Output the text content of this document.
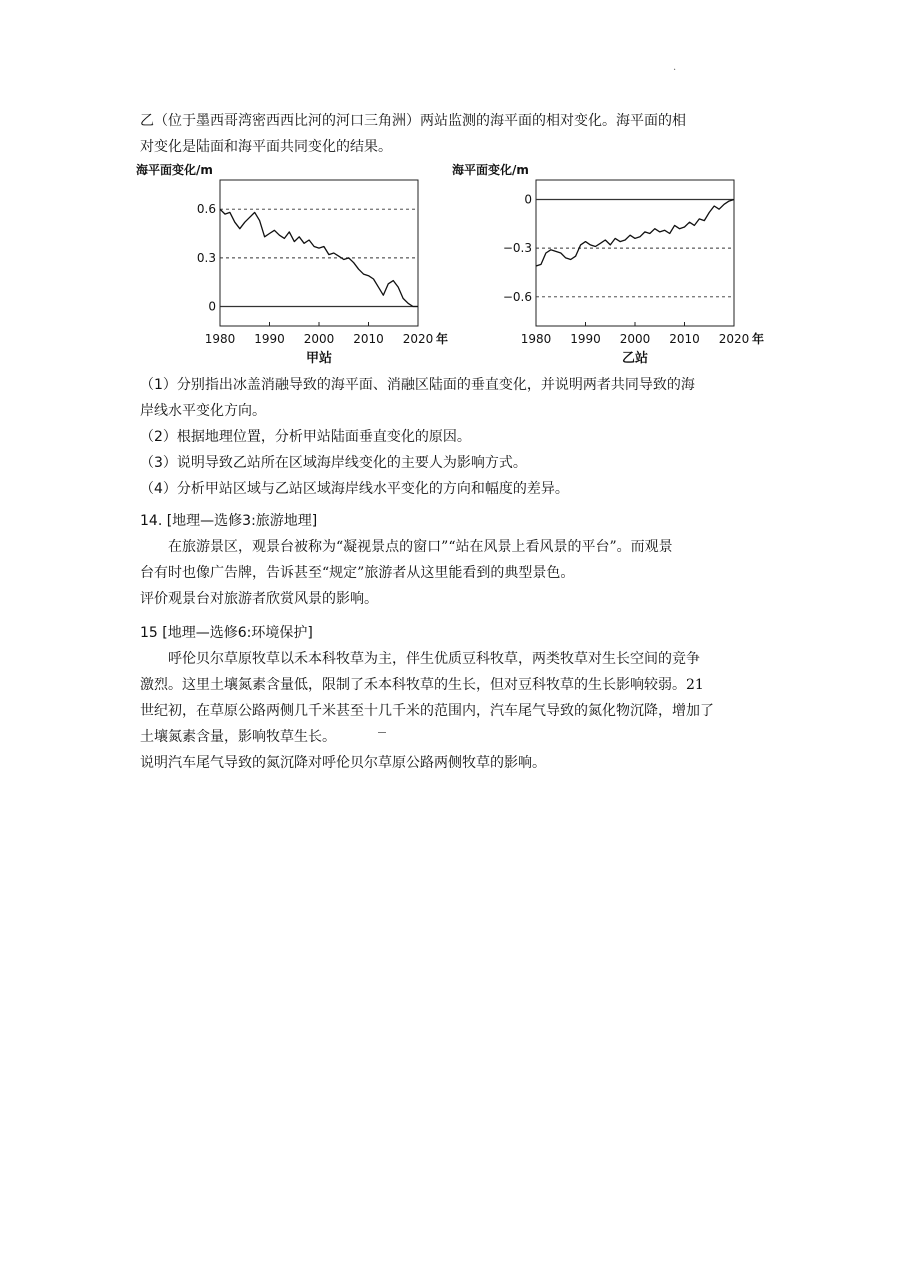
.

乙（位于墨西哥湾密西西比河的河口三角洲）两站监测的海平面的相对变化。海平面的相
对变化是陆面和海平面共同变化的结果。

海平面变化/m
0.6
0.3
0
1980 1990 2000 2010 2020 年
甲站
海平面变化/m
0
−0.3
−0.6
1980 1990 2000 2010 2020 年
乙站
（1）分别指出冰盖消融导致的海平面、消融区陆面的垂直变化，并说明两者共同导致的海
岸线水平变化方向。
（2）根据地理位置，分析甲站陆面垂直变化的原因。
（3）说明导致乙站所在区域海岸线变化的主要人为影响方式。
（4）分析甲站区域与乙站区域海岸线水平变化的方向和幅度的差异。
14. [地理—选修3:旅游地理]
在旅游景区，观景台被称为“凝视景点的窗口”“站在风景上看风景的平台”。而观景
台有时也像广告牌，告诉甚至“规定”旅游者从这里能看到的典型景色。
评价观景台对旅游者欣赏风景的影响。
15 [地理—选修6:环境保护]
呼伦贝尔草原牧草以禾本科牧草为主，伴生优质豆科牧草，两类牧草对生长空间的竞争
激烈。这里土壤氮素含量低，限制了禾本科牧草的生长，但对豆科牧草的生长影响较弱。21
世纪初，在草原公路两侧几千米甚至十几千米的范围内，汽车尾气导致的氮化物沉降，增加了
土壤氮素含量，影响牧草生长。
说明汽车尾气导致的氮沉降对呼伦贝尔草原公路两侧牧草的影响。
